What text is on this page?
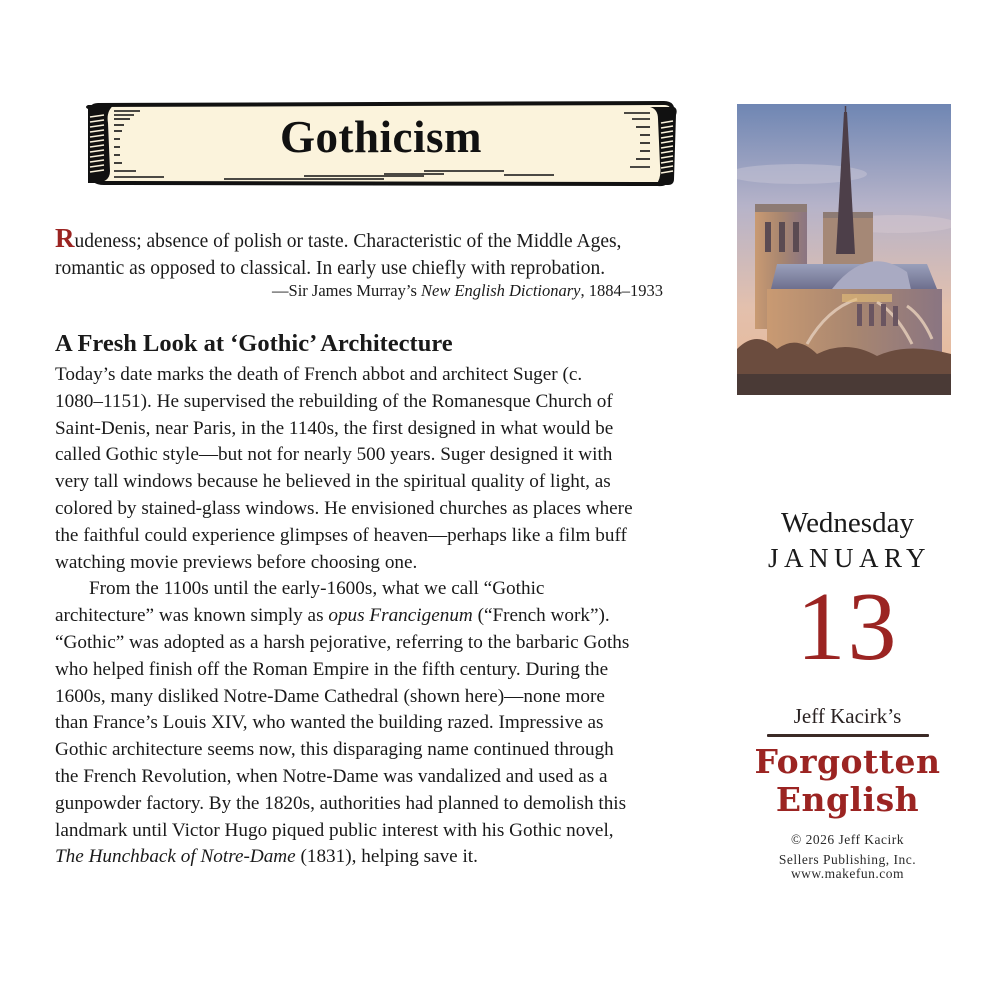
Gothicism

Rudeness; absence of polish or taste. Characteristic of the Middle Ages,
romantic as opposed to classical. In early use chiefly with reprobation.

—Sir James Murray’s New English Dictionary, 1884–1933
A Fresh Look at ‘Gothic’ Architecture

Today’s date marks the death of French abbot and architect Suger (c.
1080–1151). He supervised the rebuilding of the Romanesque Church of
Saint-Denis, near Paris, in the 1140s, the first designed in what would be
called Gothic style—but not for nearly 500 years. Suger designed it with
very tall windows because he believed in the spiritual quality of light, as
colored by stained-glass windows. He envisioned churches as places where
the faithful could experience glimpses of heaven—perhaps like a film buff
watching movie previews before choosing one.

From the 1100s until the early-1600s, what we call “Gothic
architecture” was known simply as opus Francigenum (“French work”).
“Gothic” was adopted as a harsh pejorative, referring to the barbaric Goths
who helped finish off the Roman Empire in the fifth century. During the
1600s, many disliked Notre-Dame Cathedral (shown here)—none more
than France’s Louis XIV, who wanted the building razed. Impressive as
Gothic architecture seems now, this disparaging name continued through
the French Revolution, when Notre-Dame was vandalized and used as a
gunpowder factory. By the 1820s, authorities had planned to demolish this
landmark until Victor Hugo piqued public interest with his Gothic novel,
The Hunchback of Notre-Dame (1831), helping save it.

Wednesday
JANUARY
13
Jeff Kacirk’s
Forgotten
English
© 2026 Jeff Kacirk
Sellers Publishing, Inc.
www.makefun.com
